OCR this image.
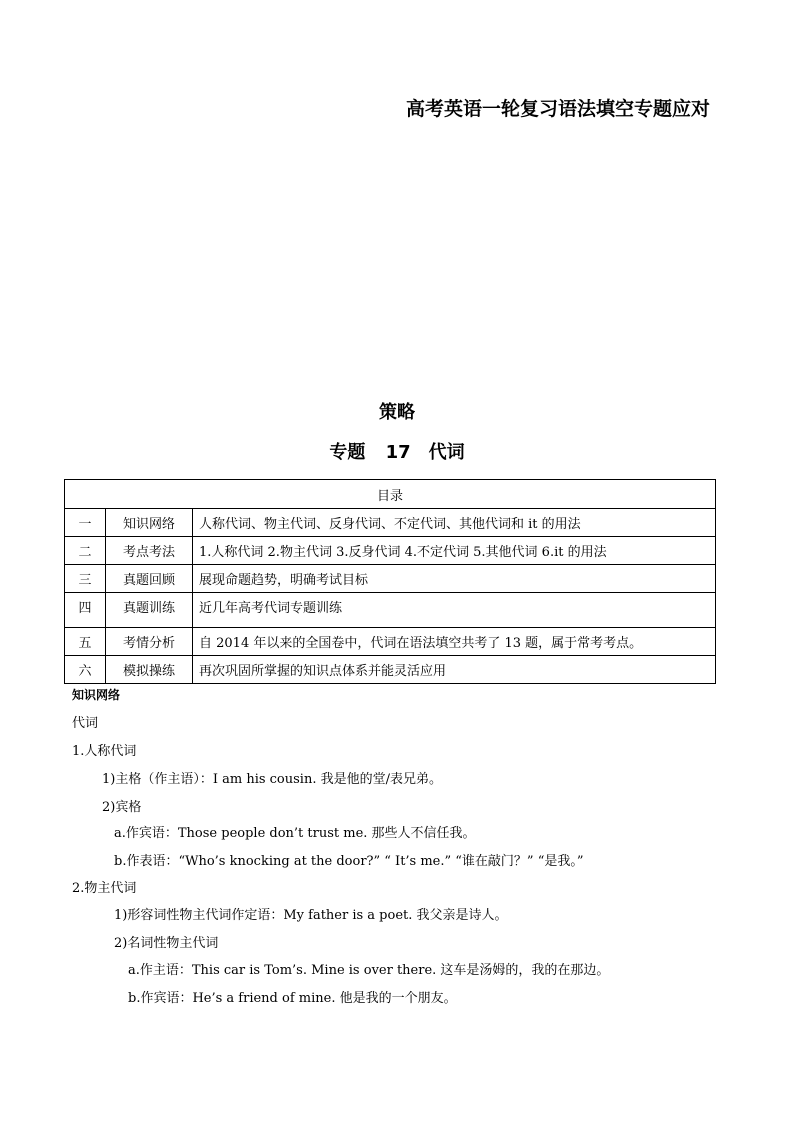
高考英语一轮复习语法填空专题应对
策略
专题 17　代词
目录		
一	知识网络	人称代词、物主代词、反身代词、不定代词、其他代词和 it 的用法
二	考点考法	1.人称代词 2.物主代词 3.反身代词 4.不定代词 5.其他代词 6.it 的用法
三	真题回顾	展现命题趋势，明确考试目标
四	真题训练	近几年高考代词专题训练
五	考情分析	自 2014 年以来的全国卷中，代词在语法填空共考了 13 题，属于常考考点。
六	模拟操练	再次巩固所掌握的知识点体系并能灵活应用
知识网络
代词
1.人称代词
1)主格（作主语）：I am his cousin. 我是他的堂/表兄弟。
2)宾格
a.作宾语：Those people don’t trust me. 那些人不信任我。
b.作表语：“Who’s knocking at the door?” “ It’s me.” “谁在敲门？” “是我。”
2.物主代词
1)形容词性物主代词作定语：My father is a poet. 我父亲是诗人。
2)名词性物主代词
a.作主语：This car is Tom’s. Mine is over there. 这车是汤姆的，我的在那边。
b.作宾语：He’s a friend of mine. 他是我的一个朋友。
